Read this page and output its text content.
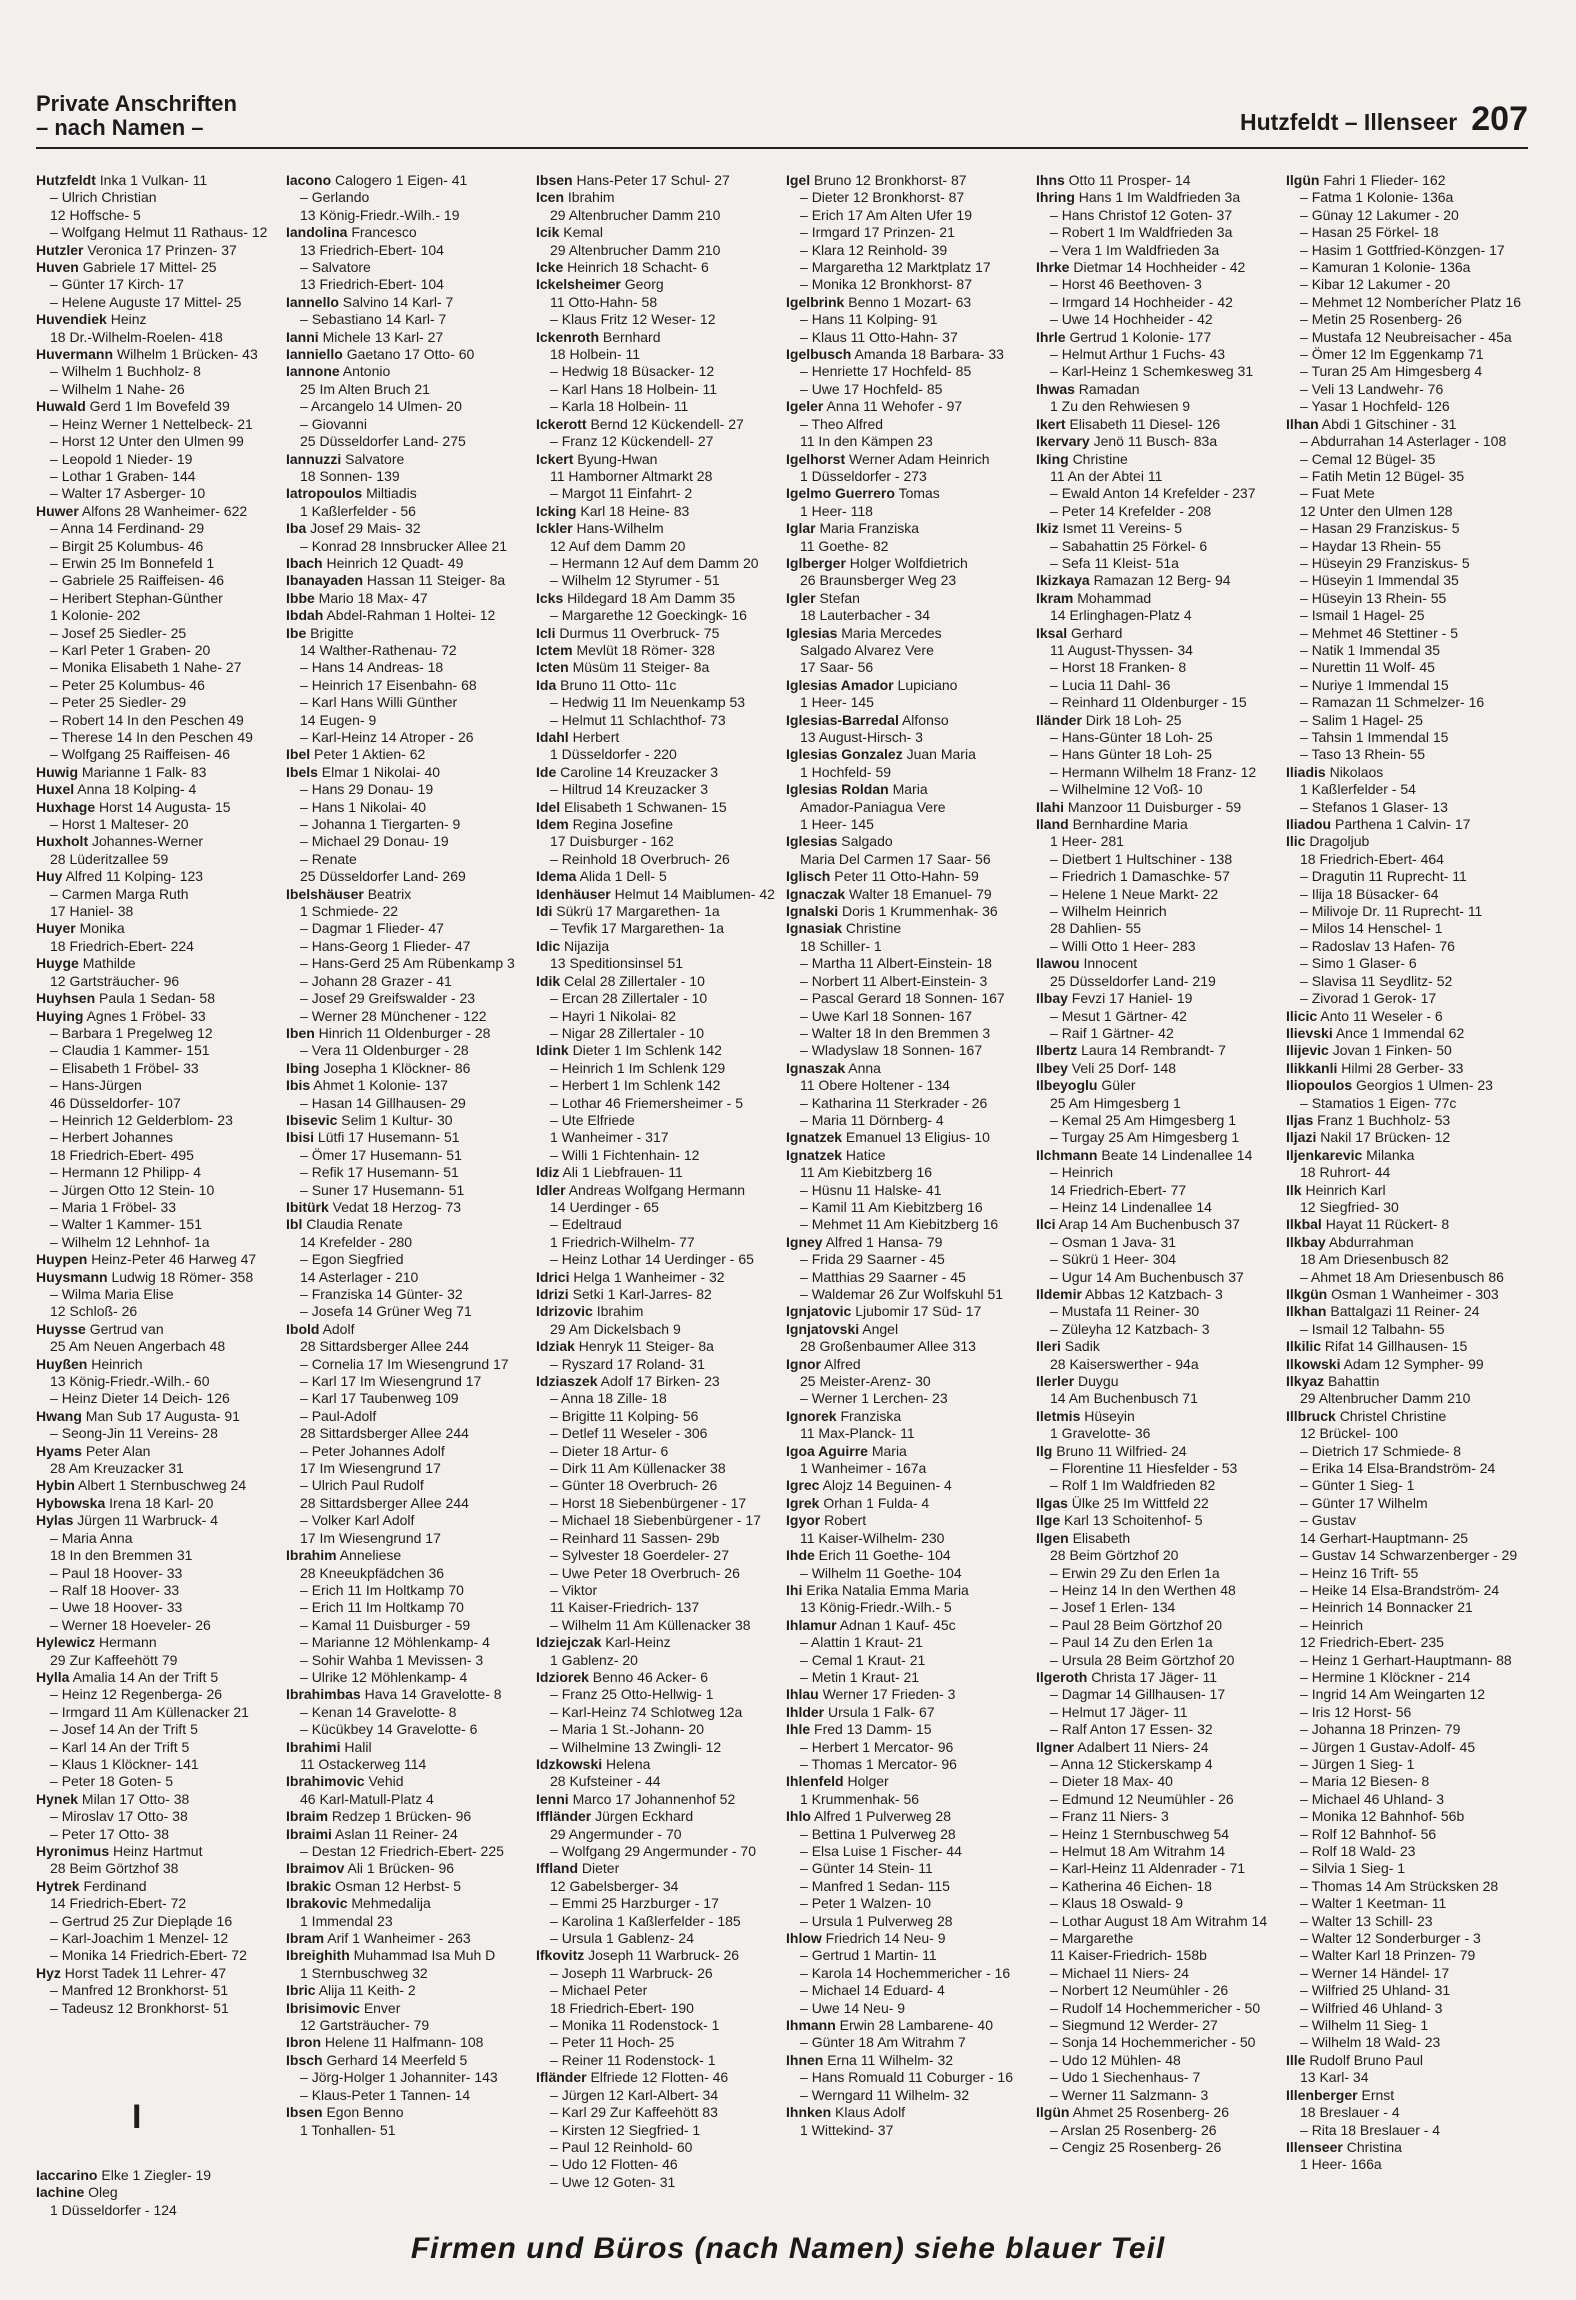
Private Anschriften
– nach Namen –	Hutzfeldt – Illenseer 207
Hutzfeldt Inka 1 Vulkan- 11
– Ulrich Christian
12 Hoffsche- 5
– Wolfgang Helmut 11 Rathaus- 12
Hutzler Veronica 17 Prinzen- 37
Huven Gabriele 17 Mittel- 25
– Günter 17 Kirch- 17
– Helene Auguste 17 Mittel- 25
Huvendiek Heinz
18 Dr.-Wilhelm-Roelen- 418
Huvermann Wilhelm 1 Brücken- 43
– Wilhelm 1 Buchholz- 8
– Wilhelm 1 Nahe- 26
Huwald Gerd 1 Im Bovefeld 39
– Heinz Werner 1 Nettelbeck- 21
– Horst 12 Unter den Ulmen 99
– Leopold 1 Nieder- 19
– Lothar 1 Graben- 144
– Walter 17 Asberger- 10
Huwer Alfons 28 Wanheimer- 622
– Anna 14 Ferdinand- 29
– Birgit 25 Kolumbus- 46
– Erwin 25 Im Bonnefeld 1
– Gabriele 25 Raiffeisen- 46
– Heribert Stephan-Günther
1 Kolonie- 202
– Josef 25 Siedler- 25
– Karl Peter 1 Graben- 20
– Monika Elisabeth 1 Nahe- 27
– Peter 25 Kolumbus- 46
– Peter 25 Siedler- 29
– Robert 14 In den Peschen 49
– Therese 14 In den Peschen 49
– Wolfgang 25 Raiffeisen- 46
Huwig Marianne 1 Falk- 83
Huxel Anna 18 Kolping- 4
Huxhage Horst 14 Augusta- 15
– Horst 1 Malteser- 20
Huxholt Johannes-Werner
28 Lüderitzallee 59
Huy Alfred 11 Kolping- 123
– Carmen Marga Ruth
17 Haniel- 38
Huyer Monika
18 Friedrich-Ebert- 224
Huyge Mathilde
12 Gartsträucher- 96
Huyhsen Paula 1 Sedan- 58
Huying Agnes 1 Fröbel- 33
– Barbara 1 Pregelweg 12
– Claudia 1 Kammer- 151
– Elisabeth 1 Fröbel- 33
– Hans-Jürgen
46 Düsseldorfer- 107
– Heinrich 12 Gelderblom- 23
– Herbert Johannes
18 Friedrich-Ebert- 495
– Hermann 12 Philipp- 4
– Jürgen Otto 12 Stein- 10
– Maria 1 Fröbel- 33
– Walter 1 Kammer- 151
– Wilhelm 12 Lehnhof- 1a
Huypen Heinz-Peter 46 Harweg 47
Huysmann Ludwig 18 Römer- 358
– Wilma Maria Elise
12 Schloß- 26
Huysse Gertrud van
25 Am Neuen Angerbach 48
Huyßen Heinrich
13 König-Friedr.-Wilh.- 60
– Heinz Dieter 14 Deich- 126
Hwang Man Sub 17 Augusta- 91
– Seong-Jin 11 Vereins- 28
Hyams Peter Alan
28 Am Kreuzacker 31
Hybin Albert 1 Sternbuschweg 24
Hybowska Irena 18 Karl- 20
Hylas Jürgen 11 Warbruck- 4
– Maria Anna
18 In den Bremmen 31
– Paul 18 Hoover- 33
– Ralf 18 Hoover- 33
– Uwe 18 Hoover- 33
– Werner 18 Hoeveler- 26
Hylewicz Hermann
29 Zur Kaffeehött 79
Hylla Amalia 14 An der Trift 5
– Heinz 12 Regenberga- 26
– Irmgard 11 Am Küllenacker 21
– Josef 14 An der Trift 5
– Karl 14 An der Trift 5
– Klaus 1 Klöckner- 141
– Peter 18 Goten- 5
Hynek Milan 17 Otto- 38
– Miroslav 17 Otto- 38
– Peter 17 Otto- 38
Hyronimus Heinz Hartmut
28 Beim Görtzhof 38
Hytrek Ferdinand
14 Friedrich-Ebert- 72
– Gertrud 25 Zur Diepląde 16
– Karl-Joachim 1 Menzel- 12
– Monika 14 Friedrich-Ebert- 72
Hyz Horst Tadek 11 Lehrer- 47
– Manfred 12 Bronkhorst- 51
– Tadeusz 12 Bronkhorst- 51
I
Iaccarino Elke 1 Ziegler- 19
Iachine Oleg
1 Düsseldorfer - 124
Iacono Calogero 1 Eigen- 41
– Gerlando
13 König-Friedr.-Wilh.- 19
Iandolina Francesco
13 Friedrich-Ebert- 104
– Salvatore
13 Friedrich-Ebert- 104
Iannello Salvino 14 Karl- 7
– Sebastiano 14 Karl- 7
Ianni Michele 13 Karl- 27
Ianniello Gaetano 17 Otto- 60
Iannone Antonio
25 Im Alten Bruch 21
– Arcangelo 14 Ulmen- 20
– Giovanni
25 Düsseldorfer Land- 275
Iannuzzi Salvatore
18 Sonnen- 139
Iatropoulos Miltiadis
1 Kaßlerfelder - 56
Iba Josef 29 Mais- 32
– Konrad 28 Innsbrucker Allee 21
Ibach Heinrich 12 Quadt- 49
Ibanayaden Hassan 11 Steiger- 8a
Ibbe Mario 18 Max- 47
Ibdah Abdel-Rahman 1 Holtei- 12
Ibe Brigitte
14 Walther-Rathenau- 72
– Hans 14 Andreas- 18
– Heinrich 17 Eisenbahn- 68
– Karl Hans Willi Günther
14 Eugen- 9
– Karl-Heinz 14 Atroper - 26
Ibel Peter 1 Aktien- 62
Ibels Elmar 1 Nikolai- 40
– Hans 29 Donau- 19
– Hans 1 Nikolai- 40
– Johanna 1 Tiergarten- 9
– Michael 29 Donau- 19
– Renate
25 Düsseldorfer Land- 269
Ibelshäuser Beatrix
1 Schmiede- 22
– Dagmar 1 Flieder- 47
– Hans-Georg 1 Flieder- 47
– Hans-Gerd 25 Am Rübenkamp 3
– Johann 28 Grazer - 41
– Josef 29 Greifswalder - 23
– Werner 28 Münchener - 122
Iben Hinrich 11 Oldenburger - 28
– Vera 11 Oldenburger - 28
Ibing Josepha 1 Klöckner- 86
Ibis Ahmet 1 Kolonie- 137
– Hasan 14 Gillhausen- 29
Ibisevic Selim 1 Kultur- 30
Ibisi Lütfi 17 Husemann- 51
– Ömer 17 Husemann- 51
– Refik 17 Husemann- 51
– Suner 17 Husemann- 51
Ibitürk Vedat 18 Herzog- 73
Ibl Claudia Renate
14 Krefelder - 280
– Egon Siegfried
14 Asterlager - 210
– Franziska 14 Günter- 32
– Josefa 14 Grüner Weg 71
Ibold Adolf
28 Sittardsberger Allee 244
– Cornelia 17 Im Wiesengrund 17
– Karl 17 Im Wiesengrund 17
– Karl 17 Taubenweg 109
– Paul-Adolf
28 Sittardsberger Allee 244
– Peter Johannes Adolf
17 Im Wiesengrund 17
– Ulrich Paul Rudolf
28 Sittardsberger Allee 244
– Volker Karl Adolf
17 Im Wiesengrund 17
Ibrahim Anneliese
28 Kneeukpfädchen 36
– Erich 11 Im Holtkamp 70
– Erich 11 Im Holtkamp 70
– Kamal 11 Duisburger - 59
– Marianne 12 Möhlenkamp- 4
– Sohir Wahba 1 Mevissen- 3
– Ulrike 12 Möhlenkamp- 4
Ibrahimbas Hava 14 Gravelotte- 8
– Kenan 14 Gravelotte- 8
– Kücükbey 14 Gravelotte- 6
Ibrahimi Halil
11 Ostackerweg 114
Ibrahimovic Vehid
46 Karl-Matull-Platz 4
Ibraim Redzep 1 Brücken- 96
Ibraimi Aslan 11 Reiner- 24
– Destan 12 Friedrich-Ebert- 225
Ibraimov Ali 1 Brücken- 96
Ibrakic Osman 12 Herbst- 5
Ibrakovic Mehmedalija
1 Immendal 23
Ibram Arif 1 Wanheimer - 263
Ibreighith Muhammad Isa Muh D
1 Sternbuschweg 32
Ibric Alija 11 Keith- 2
Ibrisimovic Enver
12 Gartsträucher- 79
Ibron Helene 11 Halfmann- 108
Ibsch Gerhard 14 Meerfeld 5
– Jörg-Holger 1 Johanniter- 143
– Klaus-Peter 1 Tannen- 14
Ibsen Egon Benno
1 Tonhallen- 51
Ibsen Hans-Peter 17 Schul- 27
Icen Ibrahim
29 Altenbrucher Damm 210
Icik Kemal
29 Altenbrucher Damm 210
Icke Heinrich 18 Schacht- 6
Ickelsheimer Georg
11 Otto-Hahn- 58
– Klaus Fritz 12 Weser- 12
Ickenroth Bernhard
18 Holbein- 11
– Hedwig 18 Büsacker- 12
– Karl Hans 18 Holbein- 11
– Karla 18 Holbein- 11
Ickerott Bernd 12 Kückendell- 27
– Franz 12 Kückendell- 27
Ickert Byung-Hwan
11 Hamborner Altmarkt 28
– Margot 11 Einfahrt- 2
Icking Karl 18 Heine- 83
Ickler Hans-Wilhelm
12 Auf dem Damm 20
– Hermann 12 Auf dem Damm 20
– Wilhelm 12 Styrumer - 51
Icks Hildegard 18 Am Damm 35
– Margarethe 12 Goeckingk- 16
Icli Durmus 11 Overbruck- 75
Ictem Mevlüt 18 Römer- 328
Icten Müsüm 11 Steiger- 8a
Ida Bruno 11 Otto- 11c
– Hedwig 11 Im Neuenkamp 53
– Helmut 11 Schlachthof- 73
Idahl Herbert
1 Düsseldorfer - 220
Ide Caroline 14 Kreuzacker 3
– Hiltrud 14 Kreuzacker 3
Idel Elisabeth 1 Schwanen- 15
Idem Regina Josefine
17 Duisburger - 162
– Reinhold 18 Overbruch- 26
Idema Alida 1 Dell- 5
Idenhäuser Helmut 14 Maiblumen- 42
Idi Sükrü 17 Margarethen- 1a
– Tevfik 17 Margarethen- 1a
Idic Nijazija
13 Speditionsinsel 51
Idik Celal 28 Zillertaler - 10
– Ercan 28 Zillertaler - 10
– Hayri 1 Nikolai- 82
– Nigar 28 Zillertaler - 10
Idink Dieter 1 Im Schlenk 142
– Heinrich 1 Im Schlenk 129
– Herbert 1 Im Schlenk 142
– Lothar 46 Friemersheimer - 5
– Ute Elfriede
1 Wanheimer - 317
– Willi 1 Fichtenhain- 12
Idiz Ali 1 Liebfrauen- 11
Idler Andreas Wolfgang Hermann
14 Uerdinger - 65
– Edeltraud
1 Friedrich-Wilhelm- 77
– Heinz Lothar 14 Uerdinger - 65
Idrici Helga 1 Wanheimer - 32
Idrizi Setki 1 Karl-Jarres- 82
Idrizovic Ibrahim
29 Am Dickelsbach 9
Idziak Henryk 11 Steiger- 8a
– Ryszard 17 Roland- 31
Idziaszek Adolf 17 Birken- 23
– Anna 18 Zille- 18
– Brigitte 11 Kolping- 56
– Detlef 11 Weseler - 306
– Dieter 18 Artur- 6
– Dirk 11 Am Küllenacker 38
– Günter 18 Overbruch- 26
– Horst 18 Siebenbürgener - 17
– Michael 18 Siebenbürgener - 17
– Reinhard 11 Sassen- 29b
– Sylvester 18 Goerdeler- 27
– Uwe Peter 18 Overbruch- 26
– Viktor
11 Kaiser-Friedrich- 137
– Wilhelm 11 Am Küllenacker 38
Idziejczak Karl-Heinz
1 Gablenz- 20
Idziorek Benno 46 Acker- 6
– Franz 25 Otto-Hellwig- 1
– Karl-Heinz 74 Schlotweg 12a
– Maria 1 St.-Johann- 20
– Wilhelmine 13 Zwingli- 12
Idzkowski Helena
28 Kufsteiner - 44
Ienni Marco 17 Johannenhof 52
Iffländer Jürgen Eckhard
29 Angermunder - 70
– Wolfgang 29 Angermunder - 70
Iffland Dieter
12 Gabelsberger- 34
– Emmi 25 Harzburger - 17
– Karolina 1 Kaßlerfelder - 185
– Ursula 1 Gablenz- 24
Ifkovitz Joseph 11 Warbruck- 26
– Joseph 11 Warbruck- 26
– Michael Peter
18 Friedrich-Ebert- 190
– Monika 11 Rodenstock- 1
– Peter 11 Hoch- 25
– Reiner 11 Rodenstock- 1
Ifländer Elfriede 12 Flotten- 46
– Jürgen 12 Karl-Albert- 34
– Karl 29 Zur Kaffeehött 83
– Kirsten 12 Siegfried- 1
– Paul 12 Reinhold- 60
– Udo 12 Flotten- 46
– Uwe 12 Goten- 31
Igel Bruno 12 Bronkhorst- 87
– Dieter 12 Bronkhorst- 87
– Erich 17 Am Alten Ufer 19
– Irmgard 17 Prinzen- 21
– Klara 12 Reinhold- 39
– Margaretha 12 Marktplatz 17
– Monika 12 Bronkhorst- 87
Igelbrink Benno 1 Mozart- 63
– Hans 11 Kolping- 91
– Klaus 11 Otto-Hahn- 37
Igelbusch Amanda 18 Barbara- 33
– Henriette 17 Hochfeld- 85
– Uwe 17 Hochfeld- 85
Igeler Anna 11 Wehofer - 97
– Theo Alfred
11 In den Kämpen 23
Igelhorst Werner Adam Heinrich
1 Düsseldorfer - 273
Igelmo Guerrero Tomas
1 Heer- 118
Iglar Maria Franziska
11 Goethe- 82
Iglberger Holger Wolfdietrich
26 Braunsberger Weg 23
Igler Stefan
18 Lauterbacher - 34
Iglesias Maria Mercedes
Salgado Alvarez Vere
17 Saar- 56
Iglesias Amador Lupiciano
1 Heer- 145
Iglesias-Barredal Alfonso
13 August-Hirsch- 3
Iglesias Gonzalez Juan Maria
1 Hochfeld- 59
Iglesias Roldan Maria
Amador-Paniagua Vere
1 Heer- 145
Iglesias Salgado
Maria Del Carmen 17 Saar- 56
Iglisch Peter 11 Otto-Hahn- 59
Ignaczak Walter 18 Emanuel- 79
Ignalski Doris 1 Krummenhak- 36
Ignasiak Christine
18 Schiller- 1
– Martha 11 Albert-Einstein- 18
– Norbert 11 Albert-Einstein- 3
– Pascal Gerard 18 Sonnen- 167
– Uwe Karl 18 Sonnen- 167
– Walter 18 In den Bremmen 3
– Wladyslaw 18 Sonnen- 167
Ignaszak Anna
11 Obere Holtener - 134
– Katharina 11 Sterkrader - 26
– Maria 11 Dörnberg- 4
Ignatzek Emanuel 13 Eligius- 10
Ignatzek Hatice
11 Am Kiebitzberg 16
– Hüsnu 11 Halske- 41
– Kamil 11 Am Kiebitzberg 16
– Mehmet 11 Am Kiebitzberg 16
Igney Alfred 1 Hansa- 79
– Frida 29 Saarner - 45
– Matthias 29 Saarner - 45
– Waldemar 26 Zur Wolfskuhl 51
Ignjatovic Ljubomir 17 Süd- 17
Ignjatovski Angel
28 Großenbaumer Allee 313
Ignor Alfred
25 Meister-Arenz- 30
– Werner 1 Lerchen- 23
Ignorek Franziska
11 Max-Planck- 11
Igoa Aguirre Maria
1 Wanheimer - 167a
Igrec Alojz 14 Beguinen- 4
Igrek Orhan 1 Fulda- 4
Igyor Robert
11 Kaiser-Wilhelm- 230
Ihde Erich 11 Goethe- 104
– Wilhelm 11 Goethe- 104
Ihi Erika Natalia Emma Maria
13 König-Friedr.-Wilh.- 5
Ihlamur Adnan 1 Kauf- 45c
– Alattin 1 Kraut- 21
– Cemal 1 Kraut- 21
– Metin 1 Kraut- 21
Ihlau Werner 17 Frieden- 3
Ihlder Ursula 1 Falk- 67
Ihle Fred 13 Damm- 15
– Herbert 1 Mercator- 96
– Thomas 1 Mercator- 96
Ihlenfeld Holger
1 Krummenhak- 56
Ihlo Alfred 1 Pulverweg 28
– Bettina 1 Pulverweg 28
– Elsa Luise 1 Fischer- 44
– Günter 14 Stein- 11
– Manfred 1 Sedan- 115
– Peter 1 Walzen- 10
– Ursula 1 Pulverweg 28
Ihlow Friedrich 14 Neu- 9
– Gertrud 1 Martin- 11
– Karola 14 Hochemmericher - 16
– Michael 14 Eduard- 4
– Uwe 14 Neu- 9
Ihmann Erwin 28 Lambarene- 40
– Günter 18 Am Witrahm 7
Ihnen Erna 11 Wilhelm- 32
– Hans Romuald 11 Coburger - 16
– Werngard 11 Wilhelm- 32
Ihnken Klaus Adolf
1 Wittekind- 37
Ihns Otto 11 Prosper- 14
Ihring Hans 1 Im Waldfrieden 3a
– Hans Christof 12 Goten- 37
– Robert 1 Im Waldfrieden 3a
– Vera 1 Im Waldfrieden 3a
Ihrke Dietmar 14 Hochheider - 42
– Horst 46 Beethoven- 3
– Irmgard 14 Hochheider - 42
– Uwe 14 Hochheider - 42
Ihrle Gertrud 1 Kolonie- 177
– Helmut Arthur 1 Fuchs- 43
– Karl-Heinz 1 Schemkesweg 31
Ihwas Ramadan
1 Zu den Rehwiesen 9
Ikert Elisabeth 11 Diesel- 126
Ikervary Jenö 11 Busch- 83a
Iking Christine
11 An der Abtei 11
– Ewald Anton 14 Krefelder - 237
– Peter 14 Krefelder - 208
Ikiz Ismet 11 Vereins- 5
– Sabahattin 25 Förkel- 6
– Sefa 11 Kleist- 51a
Ikizkaya Ramazan 12 Berg- 94
Ikram Mohammad
14 Erlinghagen-Platz 4
Iksal Gerhard
11 August-Thyssen- 34
– Horst 18 Franken- 8
– Lucia 11 Dahl- 36
– Reinhard 11 Oldenburger - 15
Iländer Dirk 18 Loh- 25
– Hans-Günter 18 Loh- 25
– Hans Günter 18 Loh- 25
– Hermann Wilhelm 18 Franz- 12
– Wilhelmine 12 Voß- 10
Ilahi Manzoor 11 Duisburger - 59
Iland Bernhardine Maria
1 Heer- 281
– Dietbert 1 Hultschiner - 138
– Friedrich 1 Damaschke- 57
– Helene 1 Neue Markt- 22
– Wilhelm Heinrich
28 Dahlien- 55
– Willi Otto 1 Heer- 283
Ilawou Innocent
25 Düsseldorfer Land- 219
Ilbay Fevzi 17 Haniel- 19
– Mesut 1 Gärtner- 42
– Raif 1 Gärtner- 42
Ilbertz Laura 14 Rembrandt- 7
Ilbey Veli 25 Dorf- 148
Ilbeyoglu Güler
25 Am Himgesberg 1
– Kemal 25 Am Himgesberg 1
– Turgay 25 Am Himgesberg 1
Ilchmann Beate 14 Lindenallee 14
– Heinrich
14 Friedrich-Ebert- 77
– Heinz 14 Lindenallee 14
Ilci Arap 14 Am Buchenbusch 37
– Osman 1 Java- 31
– Sükrü 1 Heer- 304
– Ugur 14 Am Buchenbusch 37
Ildemir Abbas 12 Katzbach- 3
– Mustafa 11 Reiner- 30
– Züleyha 12 Katzbach- 3
Ileri Sadik
28 Kaiserswerther - 94a
Ilerler Duygu
14 Am Buchenbusch 71
Iletmis Hüseyin
1 Gravelotte- 36
Ilg Bruno 11 Wilfried- 24
– Florentine 11 Hiesfelder - 53
– Rolf 1 Im Waldfrieden 82
Ilgas Ülke 25 Im Wittfeld 22
Ilge Karl 13 Schoitenhof- 5
Ilgen Elisabeth
28 Beim Görtzhof 20
– Erwin 29 Zu den Erlen 1a
– Heinz 14 In den Werthen 48
– Josef 1 Erlen- 134
– Paul 28 Beim Görtzhof 20
– Paul 14 Zu den Erlen 1a
– Ursula 28 Beim Görtzhof 20
Ilgeroth Christa 17 Jäger- 11
– Dagmar 14 Gillhausen- 17
– Helmut 17 Jäger- 11
– Ralf Anton 17 Essen- 32
Ilgner Adalbert 11 Niers- 24
– Anna 12 Stickerskamp 4
– Dieter 18 Max- 40
– Edmund 12 Neumühler - 26
– Franz 11 Niers- 3
– Heinz 1 Sternbuschweg 54
– Helmut 18 Am Witrahm 14
– Karl-Heinz 11 Aldenrader - 71
– Katherina 46 Eichen- 18
– Klaus 18 Oswald- 9
– Lothar August 18 Am Witrahm 14
– Margarethe
11 Kaiser-Friedrich- 158b
– Michael 11 Niers- 24
– Norbert 12 Neumühler - 26
– Rudolf 14 Hochemmericher - 50
– Siegmund 12 Werder- 27
– Sonja 14 Hochemmericher - 50
– Udo 12 Mühlen- 48
– Udo 1 Siechenhaus- 7
– Werner 11 Salzmann- 3
Ilgün Ahmet 25 Rosenberg- 26
– Arslan 25 Rosenberg- 26
– Cengiz 25 Rosenberg- 26
Ilgün Fahri 1 Flieder- 162
– Fatma 1 Kolonie- 136a
– Günay 12 Lakumer - 20
– Hasan 25 Förkel- 18
– Hasim 1 Gottfried-Könzgen- 17
– Kamuran 1 Kolonie- 136a
– Kibar 12 Lakumer - 20
– Mehmet 12 Nomberícher Platz 16
– Metin 25 Rosenberg- 26
– Mustafa 12 Neubreisacher - 45a
– Ömer 12 Im Eggenkamp 71
– Turan 25 Am Himgesberg 4
– Veli 13 Landwehr- 76
– Yasar 1 Hochfeld- 126
Ilhan Abdi 1 Gitschiner - 31
– Abdurrahan 14 Asterlager - 108
– Cemal 12 Bügel- 35
– Fatih Metin 12 Bügel- 35
– Fuat Mete
12 Unter den Ulmen 128
– Hasan 29 Franziskus- 5
– Haydar 13 Rhein- 55
– Hüseyin 29 Franziskus- 5
– Hüseyin 1 Immendal 35
– Hüseyin 13 Rhein- 55
– Ismail 1 Hagel- 25
– Mehmet 46 Stettiner - 5
– Natik 1 Immendal 35
– Nurettin 11 Wolf- 45
– Nuriye 1 Immendal 15
– Ramazan 11 Schmelzer- 16
– Salim 1 Hagel- 25
– Tahsin 1 Immendal 15
– Taso 13 Rhein- 55
Iliadis Nikolaos
1 Kaßlerfelder - 54
– Stefanos 1 Glaser- 13
Iliadou Parthena 1 Calvin- 17
Ilic Dragoljub
18 Friedrich-Ebert- 464
– Dragutin 11 Ruprecht- 11
– Ilija 18 Büsacker- 64
– Milivoje Dr. 11 Ruprecht- 11
– Milos 14 Henschel- 1
– Radoslav 13 Hafen- 76
– Simo 1 Glaser- 6
– Slavisa 11 Seydlitz- 52
– Zivorad 1 Gerok- 17
Ilicic Anto 11 Weseler - 6
Ilievski Ance 1 Immendal 62
Ilijevic Jovan 1 Finken- 50
Ilikkanli Hilmi 28 Gerber- 33
Iliopoulos Georgios 1 Ulmen- 23
– Stamatios 1 Eigen- 77c
Iljas Franz 1 Buchholz- 53
Iljazi Nakil 17 Brücken- 12
Iljenkarevic Milanka
18 Ruhrort- 44
Ilk Heinrich Karl
12 Siegfried- 30
Ilkbal Hayat 11 Rückert- 8
Ilkbay Abdurrahman
18 Am Driesenbusch 82
– Ahmet 18 Am Driesenbusch 86
Ilkgün Osman 1 Wanheimer - 303
Ilkhan Battalgazi 11 Reiner- 24
– Ismail 12 Talbahn- 55
Ilkilic Rifat 14 Gillhausen- 15
Ilkowski Adam 12 Sympher- 99
Ilkyaz Bahattin
29 Altenbrucher Damm 210
Illbruck Christel Christine
12 Brückel- 100
– Dietrich 17 Schmiede- 8
– Erika 14 Elsa-Brandström- 24
– Günter 1 Sieg- 1
– Günter 17 Wilhelm
– Gustav
14 Gerhart-Hauptmann- 25
– Gustav 14 Schwarzenberger - 29
– Heinz 16 Trift- 55
– Heike 14 Elsa-Brandström- 24
– Heinrich 14 Bonnacker 21
– Heinrich
12 Friedrich-Ebert- 235
– Heinz 1 Gerhart-Hauptmann- 88
– Hermine 1 Klöckner - 214
– Ingrid 14 Am Weingarten 12
– Iris 12 Horst- 56
– Johanna 18 Prinzen- 79
– Jürgen 1 Gustav-Adolf- 45
– Jürgen 1 Sieg- 1
– Maria 12 Biesen- 8
– Michael 46 Uhland- 3
– Monika 12 Bahnhof- 56b
– Rolf 12 Bahnhof- 56
– Rolf 18 Wald- 23
– Silvia 1 Sieg- 1
– Thomas 14 Am Strücksken 28
– Walter 1 Keetman- 11
– Walter 13 Schill- 23
– Walter 12 Sonderburger - 3
– Walter Karl 18 Prinzen- 79
– Werner 14 Händel- 17
– Wilfried 25 Uhland- 31
– Wilfried 46 Uhland- 3
– Wilhelm 11 Sieg- 1
– Wilhelm 18 Wald- 23
Ille Rudolf Bruno Paul
13 Karl- 34
Illenberger Ernst
18 Breslauer - 4
– Rita 18 Breslauer - 4
Illenseer Christina
1 Heer- 166a
Firmen und Büros (nach Namen) siehe blauer Teil
